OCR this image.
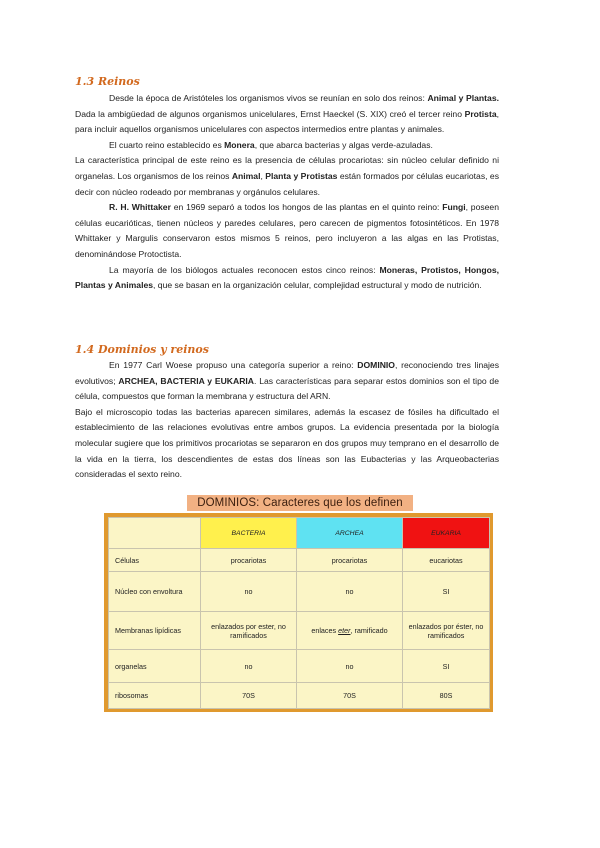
1.3 Reinos

Desde la época de Aristóteles los organismos vivos se reunían en solo dos reinos: Animal y Plantas. Dada la ambigüedad de algunos organismos unicelulares, Ernst Haeckel (S. XIX) creó el tercer reino Protista, para incluir aquellos organismos unicelulares con aspectos intermedios entre plantas y animales.

El cuarto reino establecido es Monera, que abarca bacterias y algas verde-azuladas.

La característica principal de este reino es la presencia de células procariotas: sin núcleo celular definido ni organelas. Los organismos de los reinos Animal, Planta y Protistas están formados por células eucariotas, es decir con núcleo rodeado por membranas y orgánulos celulares.

R. H. Whittaker en 1969 separó a todos los hongos de las plantas en el quinto reino: Fungi, poseen células eucarióticas, tienen núcleos y paredes celulares, pero carecen de pigmentos fotosintéticos. En 1978 Whittaker y Margulis conservaron estos mismos 5 reinos, pero incluyeron a las algas en las Protistas, denominándose Protoctista.

La mayoría de los biólogos actuales reconocen estos cinco reinos: Moneras, Protistos, Hongos, Plantas y Animales, que se basan en la organización celular, complejidad estructural y modo de nutrición.

1.4 Dominios y reinos

En 1977 Carl Woese propuso una categoría superior a reino: DOMINIO, reconociendo tres linajes evolutivos; ARCHEA, BACTERIA y EUKARIA. Las características para separar estos dominios son el tipo de célula, compuestos que forman la membrana y estructura del ARN.

Bajo el microscopio todas las bacterias aparecen similares, además la escasez de fósiles ha dificultado el establecimiento de las relaciones evolutivas entre ambos grupos. La evidencia presentada por la biología molecular sugiere que los primitivos procariotas se separaron en dos grupos muy temprano en el desarrollo de la vida en la tierra, los descendientes de estas dos líneas son las Eubacterias y las Arqueobacterias consideradas el sexto reino.

DOMINIOS: Caracteres que los definen
	BACTERIA	ARCHEA	EUKARIA
Células	procariotas	procariotas	eucariotas
Núcleo con envoltura	no	no	SI
Membranas lipídicas	enlazados por ester, no ramificados	enlaces eter, ramificado	enlazados por éster, no ramificados
organelas	no	no	SI
ribosomas	70S	70S	80S
